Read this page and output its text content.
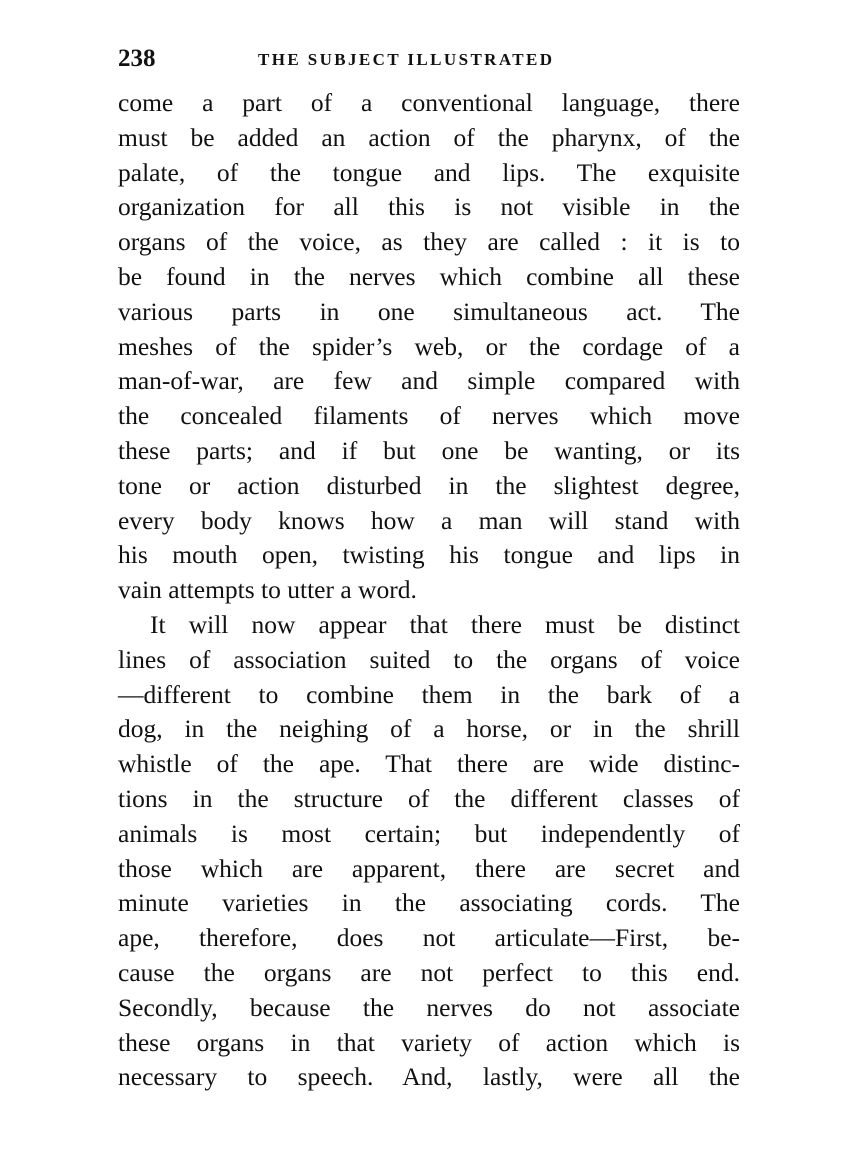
238	THE SUBJECT ILLUSTRATED
come a part of a conventional language, there
must be added an action of the pharynx, of the
palate, of the tongue and lips. The exquisite
organization for all this is not visible in the
organs of the voice, as they are called : it is to
be found in the nerves which combine all these
various parts in one simultaneous act. The
meshes of the spider’s web, or the cordage of a
man-of-war, are few and simple compared with
the concealed filaments of nerves which move
these parts; and if but one be wanting, or its
tone or action disturbed in the slightest degree,
every body knows how a man will stand with
his mouth open, twisting his tongue and lips in
vain attempts to utter a word.
It will now appear that there must be distinct
lines of association suited to the organs of voice
—different to combine them in the bark of a
dog, in the neighing of a horse, or in the shrill
whistle of the ape. That there are wide distinc-
tions in the structure of the different classes of
animals is most certain; but independently of
those which are apparent, there are secret and
minute varieties in the associating cords. The
ape, therefore, does not articulate—First, be-
cause the organs are not perfect to this end.
Secondly, because the nerves do not associate
these organs in that variety of action which is
necessary to speech. And, lastly, were all the
